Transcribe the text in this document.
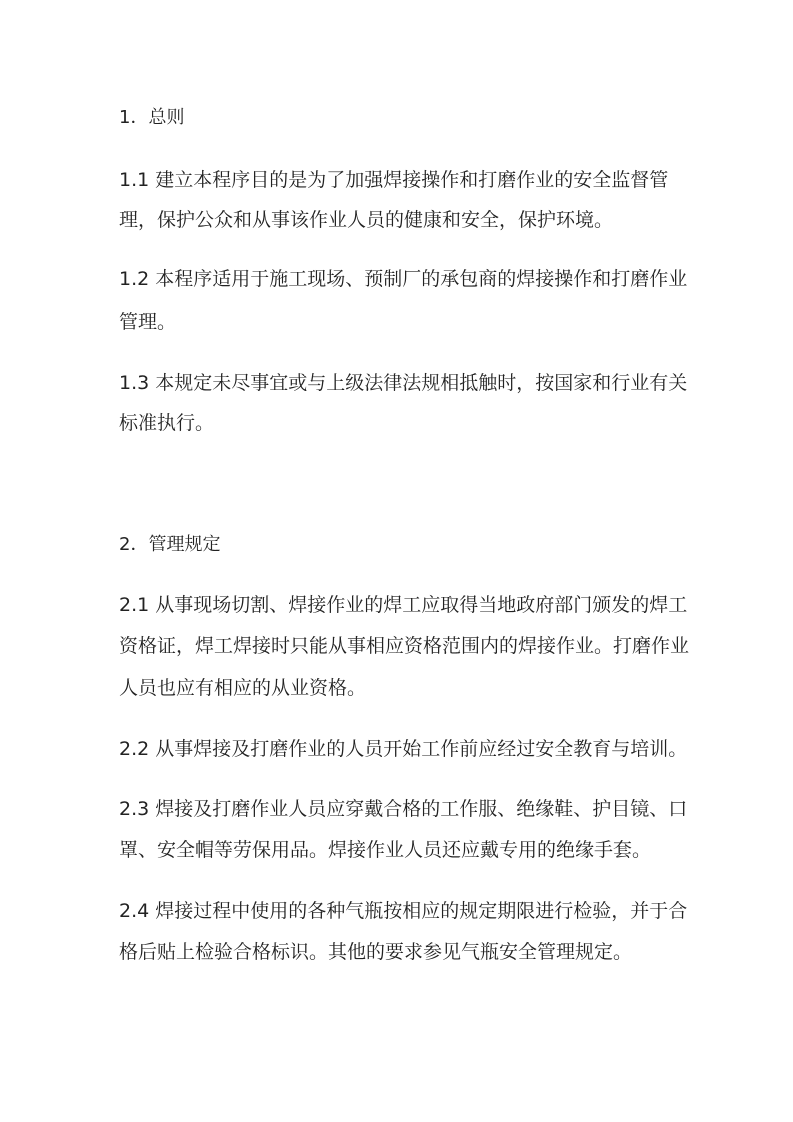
1．总则
1.1 建立本程序目的是为了加强焊接操作和打磨作业的安全监督管
理，保护公众和从事该作业人员的健康和安全，保护环境。
1.2 本程序适用于施工现场、预制厂的承包商的焊接操作和打磨作业
管理。
1.3 本规定未尽事宜或与上级法律法规相抵触时，按国家和行业有关
标准执行。
2．管理规定
2.1 从事现场切割、焊接作业的焊工应取得当地政府部门颁发的焊工
资格证，焊工焊接时只能从事相应资格范围内的焊接作业。打磨作业
人员也应有相应的从业资格。
2.2 从事焊接及打磨作业的人员开始工作前应经过安全教育与培训。
2.3 焊接及打磨作业人员应穿戴合格的工作服、绝缘鞋、护目镜、口
罩、安全帽等劳保用品。焊接作业人员还应戴专用的绝缘手套。
2.4 焊接过程中使用的各种气瓶按相应的规定期限进行检验，并于合
格后贴上检验合格标识。其他的要求参见气瓶安全管理规定。
